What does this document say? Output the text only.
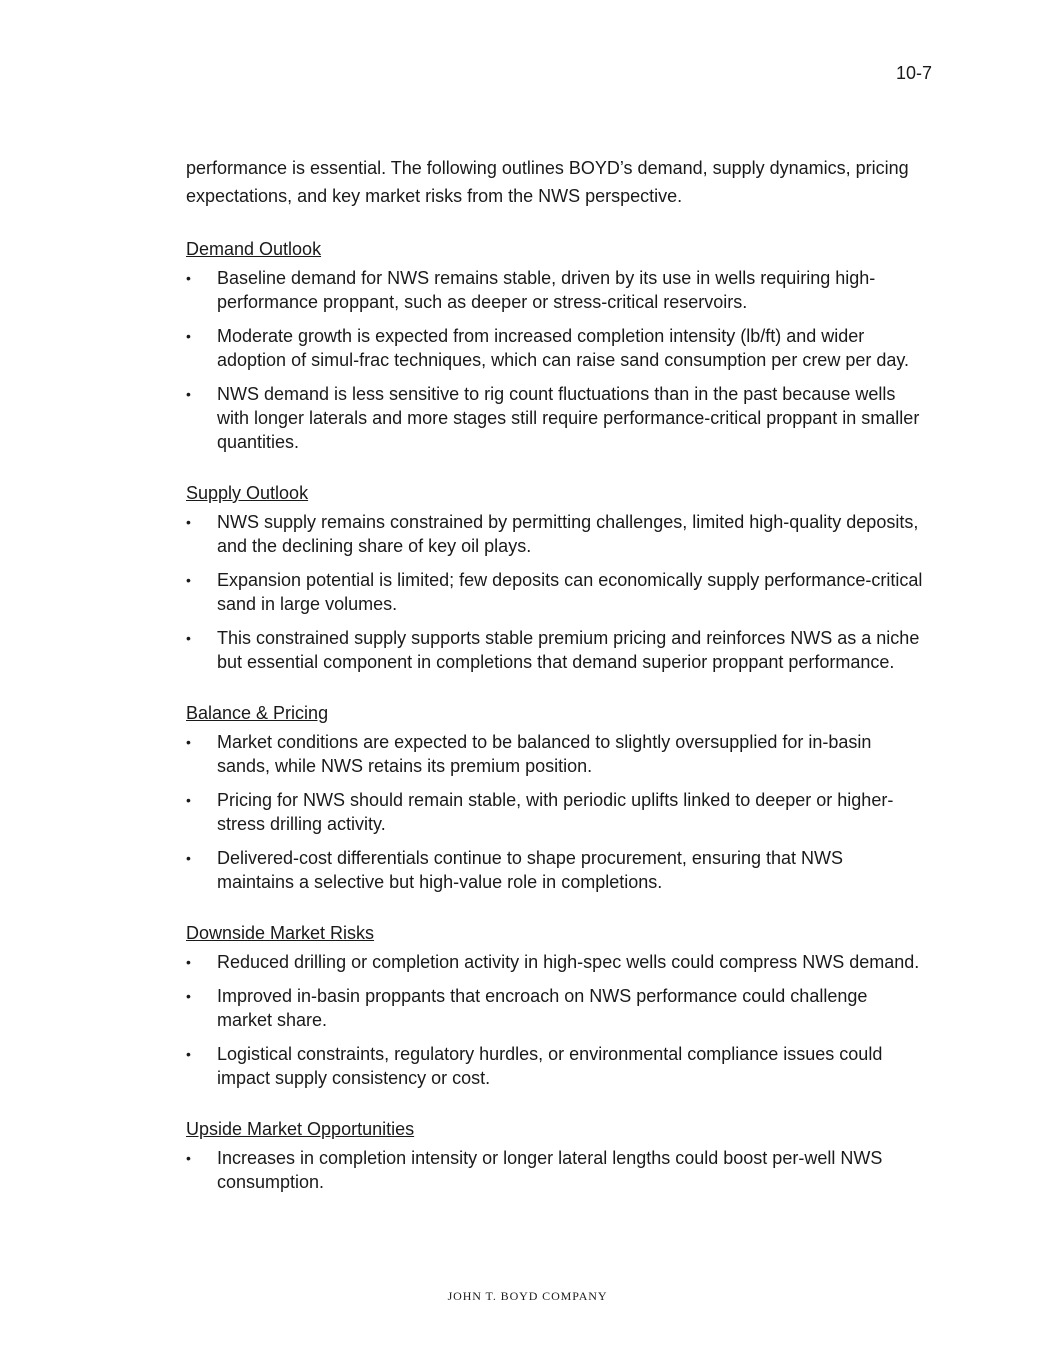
10-7

performance is essential. The following outlines BOYD’s demand, supply dynamics, pricing expectations, and key market risks from the NWS perspective.

Demand Outlook
• Baseline demand for NWS remains stable, driven by its use in wells requiring high-performance proppant, such as deeper or stress-critical reservoirs.
• Moderate growth is expected from increased completion intensity (lb/ft) and wider adoption of simul-frac techniques, which can raise sand consumption per crew per day.
• NWS demand is less sensitive to rig count fluctuations than in the past because wells with longer laterals and more stages still require performance-critical proppant in smaller quantities.
Supply Outlook
• NWS supply remains constrained by permitting challenges, limited high-quality deposits, and the declining share of key oil plays.
• Expansion potential is limited; few deposits can economically supply performance-critical sand in large volumes.
• This constrained supply supports stable premium pricing and reinforces NWS as a niche but essential component in completions that demand superior proppant performance.
Balance & Pricing
• Market conditions are expected to be balanced to slightly oversupplied for in-basin sands, while NWS retains its premium position.
• Pricing for NWS should remain stable, with periodic uplifts linked to deeper or higher-stress drilling activity.
• Delivered-cost differentials continue to shape procurement, ensuring that NWS maintains a selective but high-value role in completions.
Downside Market Risks
• Reduced drilling or completion activity in high-spec wells could compress NWS demand.
• Improved in-basin proppants that encroach on NWS performance could challenge market share.
• Logistical constraints, regulatory hurdles, or environmental compliance issues could impact supply consistency or cost.
Upside Market Opportunities
• Increases in completion intensity or longer lateral lengths could boost per-well NWS consumption.
JOHN T. BOYD COMPANY
